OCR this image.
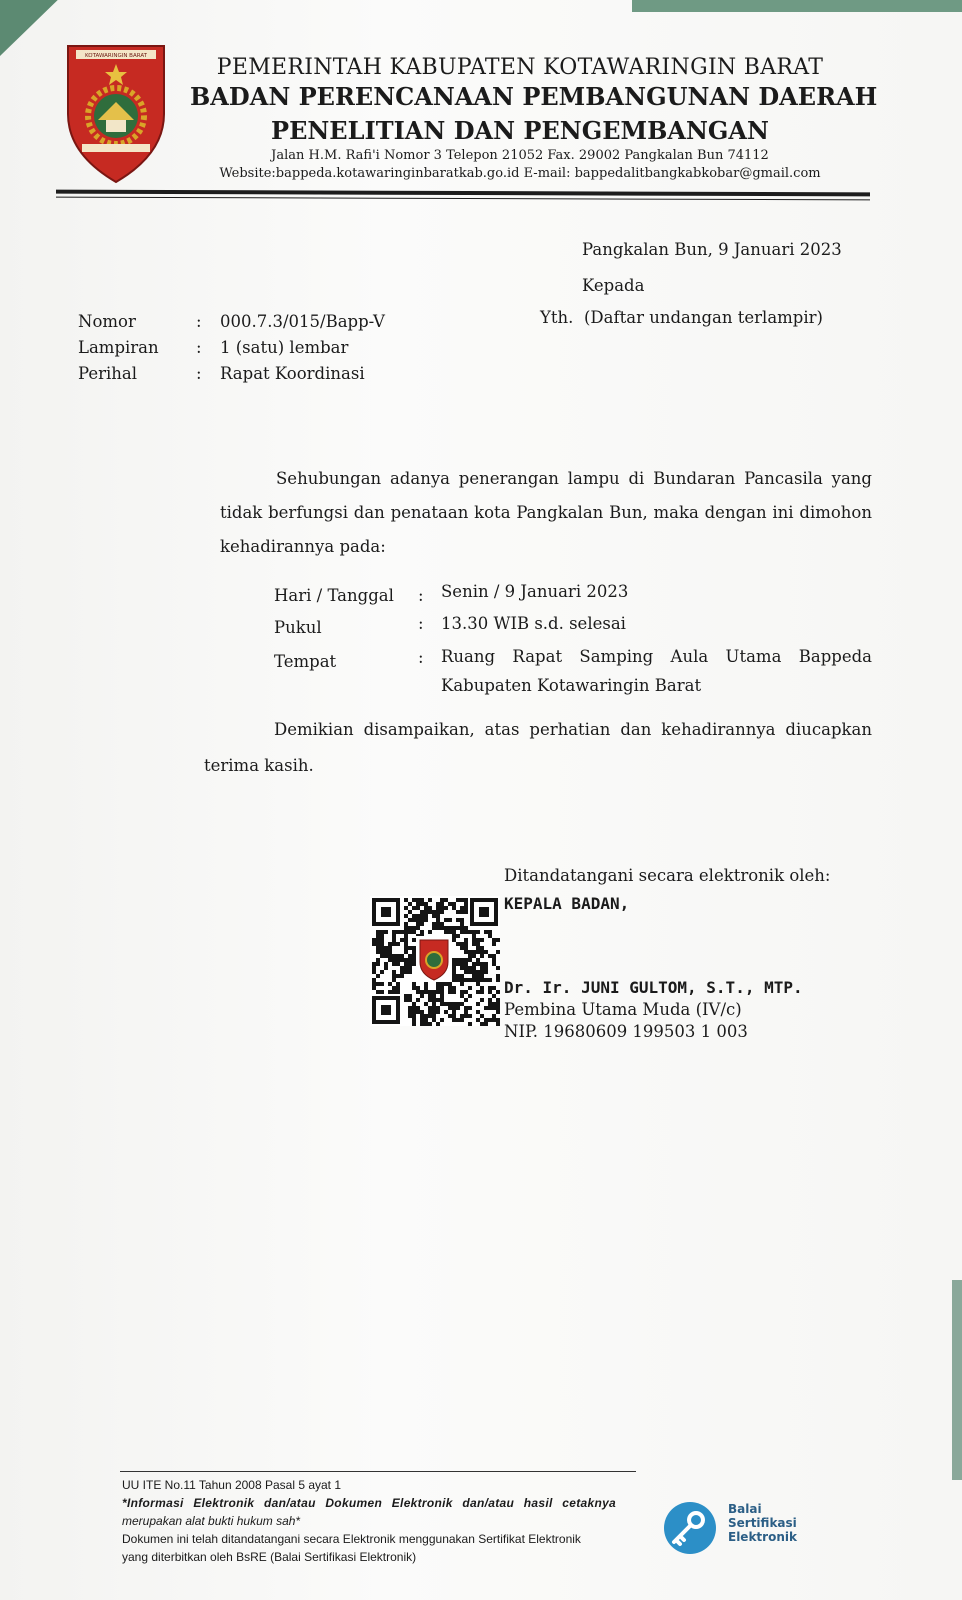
KOTAWARINGIN BARAT	PEMERINTAH KABUPATEN KOTAWARINGIN BARAT
BADAN PERENCANAAN PEMBANGUNAN DAERAH
PENELITIAN DAN PENGEMBANGAN
Jalan H.M. Rafi'i Nomor 3 Telepon 21052 Fax. 29002 Pangkalan Bun 74112
Website:bappeda.kotawaringinbaratkab.go.id E-mail: bappedalitbangkabkobar@gmail.com
Pangkalan Bun, 9 Januari 2023
Kepada
Yth. (Daftar undangan terlampir)
Nomor	: 000.7.3/015/Bapp-V
Lampiran : 1 (satu) lembar
Perihal	: Rapat Koordinasi
Sehubungan adanya penerangan lampu di Bundaran Pancasila yang tidak berfungsi dan penataan kota Pangkalan Bun, maka dengan ini dimohon kehadirannya pada:
Hari / Tanggal : Senin / 9 Januari 2023
Pukul	: 13.30 WIB s.d. selesai
Tempat	: Ruang Rapat Samping Aula Utama Bappeda
Kabupaten Kotawaringin Barat
Demikian disampaikan, atas perhatian dan kehadirannya diucapkan terima kasih.
Ditandatangani secara elektronik oleh:
KEPALA BADAN,
Dr. Ir. JUNI GULTOM, S.T., MTP.
Pembina Utama Muda (IV/c)
NIP. 19680609 199503 1 003
UU ITE No.11 Tahun 2008 Pasal 5 ayat 1
*Informasi Elektronik dan/atau Dokumen Elektronik dan/atau hasil cetaknya
merupakan alat bukti hukum sah*
Dokumen ini telah ditandatangani secara Elektronik menggunakan Sertifikat Elektronik
yang diterbitkan oleh BsRE (Balai Sertifikasi Elektronik)
Balai
Sertifikasi
Elektronik
